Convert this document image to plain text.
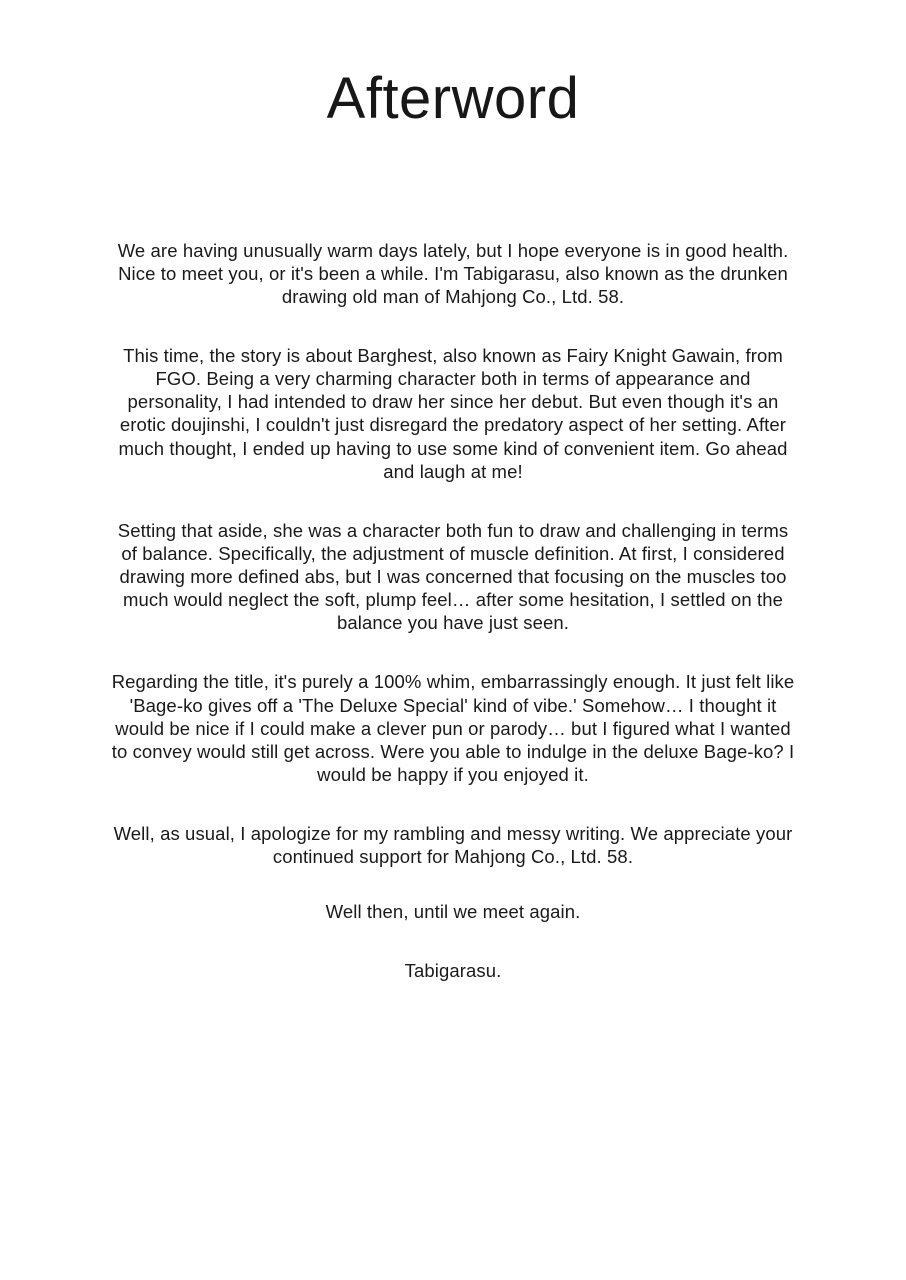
Afterword

We are having unusually warm days lately, but I hope everyone is in good health. Nice to meet you, or it's been a while. I'm Tabigarasu, also known as the drunken drawing old man of Mahjong Co., Ltd. 58.

This time, the story is about Barghest, also known as Fairy Knight Gawain, from FGO. Being a very charming character both in terms of appearance and personality, I had intended to draw her since her debut. But even though it's an erotic doujinshi, I couldn't just disregard the predatory aspect of her setting. After much thought, I ended up having to use some kind of convenient item. Go ahead and laugh at me!

Setting that aside, she was a character both fun to draw and challenging in terms of balance. Specifically, the adjustment of muscle definition. At first, I considered drawing more defined abs, but I was concerned that focusing on the muscles too much would neglect the soft, plump feel… after some hesitation, I settled on the balance you have just seen.

Regarding the title, it's purely a 100% whim, embarrassingly enough. It just felt like 'Bage-ko gives off a 'The Deluxe Special' kind of vibe.' Somehow… I thought it would be nice if I could make a clever pun or parody… but I figured what I wanted to convey would still get across. Were you able to indulge in the deluxe Bage-ko? I would be happy if you enjoyed it.

Well, as usual, I apologize for my rambling and messy writing. We appreciate your continued support for Mahjong Co., Ltd. 58.

Well then, until we meet again.

Tabigarasu.
